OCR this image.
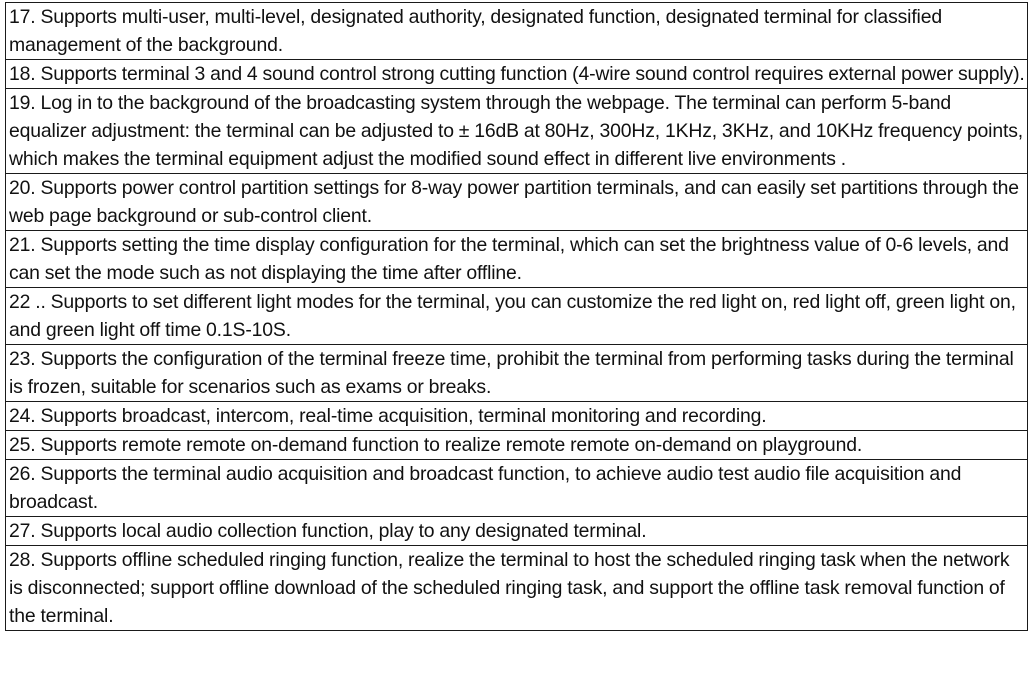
17. Supports multi-user, multi-level, designated authority, designated function, designated terminal for classified management of the background.
18. Supports terminal 3 and 4 sound control strong cutting function (4-wire sound control requires external power supply).
19. Log in to the background of the broadcasting system through the webpage. The terminal can perform 5-band equalizer adjustment: the terminal can be adjusted to ± 16dB at 80Hz, 300Hz, 1KHz, 3KHz, and 10KHz frequency points, which makes the terminal equipment adjust the modified sound effect in different live environments .
20. Supports power control partition settings for 8-way power partition terminals, and can easily set partitions through the web page background or sub-control client.
21. Supports setting the time display configuration for the terminal, which can set the brightness value of 0-6 levels, and can set the mode such as not displaying the time after offline.
22 .. Supports to set different light modes for the terminal, you can customize the red light on, red light off, green light on, and green light off time 0.1S-10S.
23. Supports the configuration of the terminal freeze time, prohibit the terminal from performing tasks during the terminal is frozen, suitable for scenarios such as exams or breaks.
24. Supports broadcast, intercom, real-time acquisition, terminal monitoring and recording.
25. Supports remote remote on-demand function to realize remote remote on-demand on playground.
26. Supports the terminal audio acquisition and broadcast function, to achieve audio test audio file acquisition and broadcast.
27. Supports local audio collection function, play to any designated terminal.
28. Supports offline scheduled ringing function, realize the terminal to host the scheduled ringing task when the network is disconnected; support offline download of the scheduled ringing task, and support the offline task removal function of the terminal.
